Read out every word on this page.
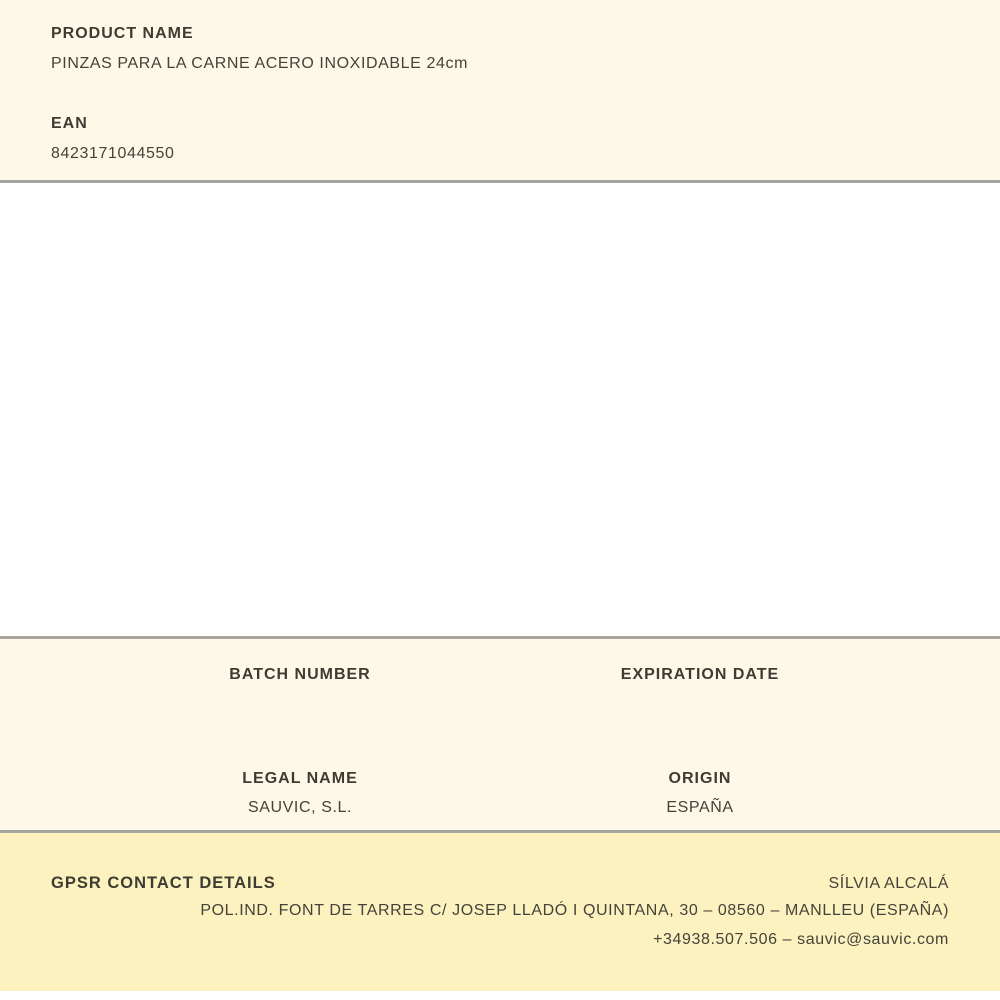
PRODUCT NAME
PINZAS PARA LA CARNE ACERO INOXIDABLE 24cm
EAN
8423171044550
BATCH NUMBER	EXPIRATION DATE
LEGAL NAME
SAUVIC, S.L.
ORIGIN
ESPAÑA
GPSR CONTACT DETAILS	SÍLVIA ALCALÁ
POL.IND. FONT DE TARRES C/ JOSEP LLADÓ I QUINTANA, 30 – 08560 – MANLLEU (ESPAÑA)
+34938.507.506 – sauvic@sauvic.com
